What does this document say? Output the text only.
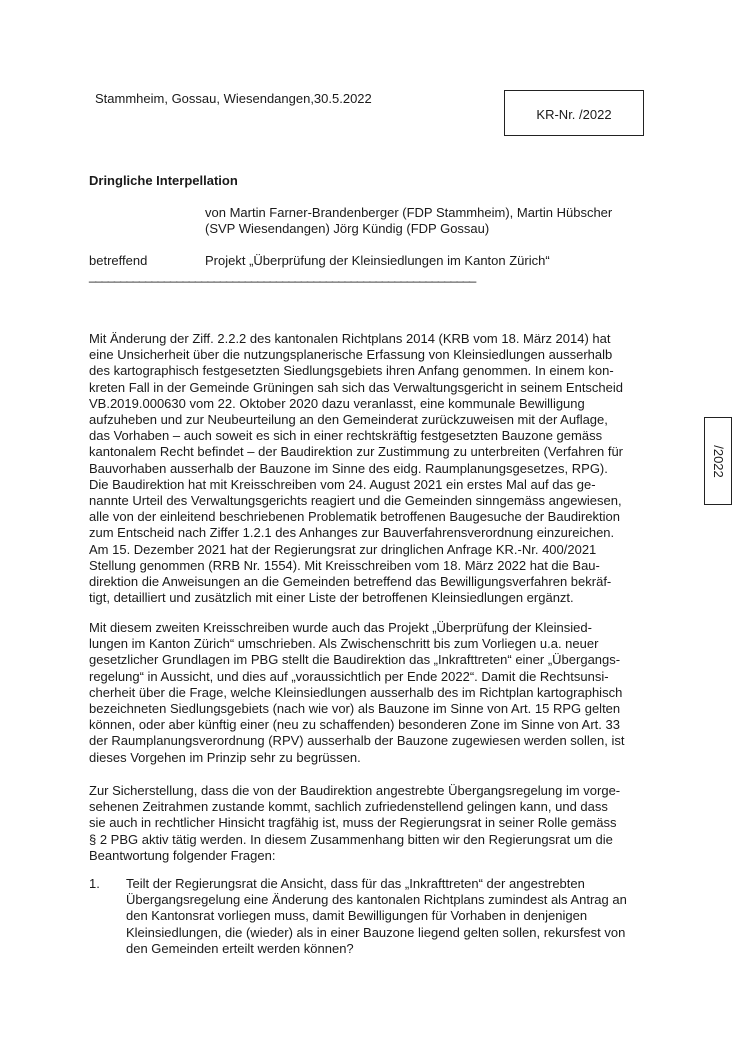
Stammheim, Gossau, Wiesendangen,30.5.2022
KR-Nr. /2022
Dringliche Interpellation
von Martin Farner-Brandenberger (FDP Stammheim), Martin Hübscher
(SVP Wiesendangen) Jörg Kündig (FDP Gossau)
betreffend	Projekt „Überprüfung der Kleinsiedlungen im Kanton Zürich“
______________________________________________________________
/2022
Mit Änderung der Ziff. 2.2.2 des kantonalen Richtplans 2014 (KRB vom 18. März 2014) hat
eine Unsicherheit über die nutzungsplanerische Erfassung von Kleinsiedlungen ausserhalb
des kartographisch festgesetzten Siedlungsgebiets ihren Anfang genommen. In einem kon-
kreten Fall in der Gemeinde Grüningen sah sich das Verwaltungsgericht in seinem Entscheid
VB.2019.000630 vom 22. Oktober 2020 dazu veranlasst, eine kommunale Bewilligung
aufzuheben und zur Neubeurteilung an den Gemeinderat zurückzuweisen mit der Auflage,
das Vorhaben – auch soweit es sich in einer rechtskräftig festgesetzten Bauzone gemäss
kantonalem Recht befindet – der Baudirektion zur Zustimmung zu unterbreiten (Verfahren für
Bauvorhaben ausserhalb der Bauzone im Sinne des eidg. Raumplanungsgesetzes, RPG).
Die Baudirektion hat mit Kreisschreiben vom 24. August 2021 ein erstes Mal auf das ge-
nannte Urteil des Verwaltungsgerichts reagiert und die Gemeinden sinngemäss angewiesen,
alle von der einleitend beschriebenen Problematik betroffenen Baugesuche der Baudirektion
zum Entscheid nach Ziffer 1.2.1 des Anhanges zur Bauverfahrensverordnung einzureichen.
Am 15. Dezember 2021 hat der Regierungsrat zur dringlichen Anfrage KR.-Nr. 400/2021
Stellung genommen (RRB Nr. 1554). Mit Kreisschreiben vom 18. März 2022 hat die Bau-
direktion die Anweisungen an die Gemeinden betreffend das Bewilligungsverfahren bekräf-
tigt, detailliert und zusätzlich mit einer Liste der betroffenen Kleinsiedlungen ergänzt.
Mit diesem zweiten Kreisschreiben wurde auch das Projekt „Überprüfung der Kleinsied-
lungen im Kanton Zürich“ umschrieben. Als Zwischenschritt bis zum Vorliegen u.a. neuer
gesetzlicher Grundlagen im PBG stellt die Baudirektion das „Inkrafttreten“ einer „Übergangs-
regelung“ in Aussicht, und dies auf „voraussichtlich per Ende 2022“. Damit die Rechtsunsi-
cherheit über die Frage, welche Kleinsiedlungen ausserhalb des im Richtplan kartographisch
bezeichneten Siedlungsgebiets (nach wie vor) als Bauzone im Sinne von Art. 15 RPG gelten
können, oder aber künftig einer (neu zu schaffenden) besonderen Zone im Sinne von Art. 33
der Raumplanungsverordnung (RPV) ausserhalb der Bauzone zugewiesen werden sollen, ist
dieses Vorgehen im Prinzip sehr zu begrüssen.
Zur Sicherstellung, dass die von der Baudirektion angestrebte Übergangsregelung im vorge-
sehenen Zeitrahmen zustande kommt, sachlich zufriedenstellend gelingen kann, und dass
sie auch in rechtlicher Hinsicht tragfähig ist, muss der Regierungsrat in seiner Rolle gemäss
§ 2 PBG aktiv tätig werden. In diesem Zusammenhang bitten wir den Regierungsrat um die
Beantwortung folgender Fragen:
1. Teilt der Regierungsrat die Ansicht, dass für das „Inkrafttreten“ der angestrebten
Übergangsregelung eine Änderung des kantonalen Richtplans zumindest als Antrag an
den Kantonsrat vorliegen muss, damit Bewilligungen für Vorhaben in denjenigen
Kleinsiedlungen, die (wieder) als in einer Bauzone liegend gelten sollen, rekursfest von
den Gemeinden erteilt werden können?
